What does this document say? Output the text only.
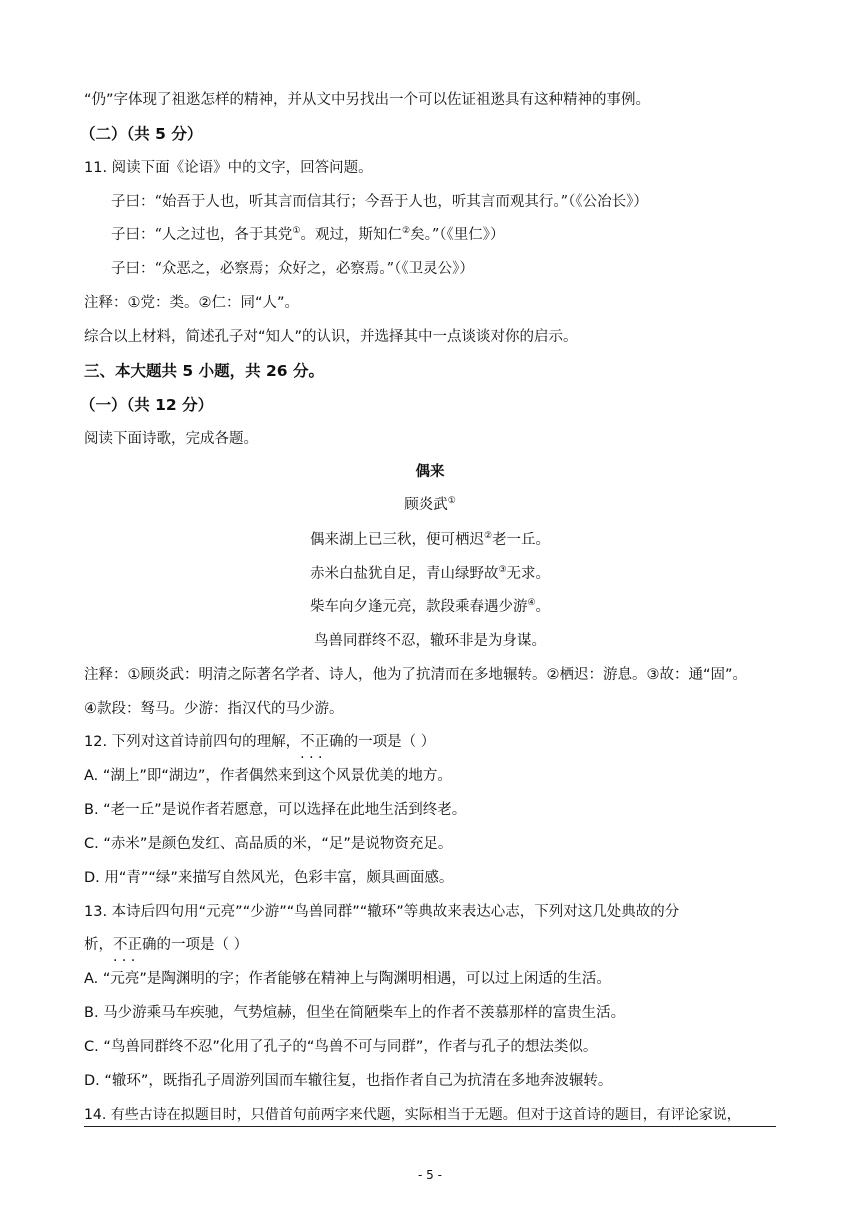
“仍”字体现了祖逖怎样的精神，并从文中另找出一个可以佐证祖逖具有这种精神的事例。
（二）（共 5 分）
11. 阅读下面《论语》中的文字，回答问题。
子曰：“始吾于人也，听其言而信其行；今吾于人也，听其言而观其行。”（《公冶长》）
子曰：“人之过也，各于其党①。观过，斯知仁②矣。”（《里仁》）
子曰：“众恶之，必察焉；众好之，必察焉。”（《卫灵公》）
注释：①党：类。②仁：同“人”。
综合以上材料，简述孔子对“知人”的认识，并选择其中一点谈谈对你的启示。
三、本大题共 5 小题，共 26 分。
（一）（共 12 分）
阅读下面诗歌，完成各题。
偶来
顾炎武①
偶来湖上已三秋，便可栖迟②老一丘。
赤米白盐犹自足，青山绿野故③无求。
柴车向夕逢元亮，款段乘春遇少游④。
鸟兽同群终不忍，辙环非是为身谋。
注释：①顾炎武：明清之际著名学者、诗人，他为了抗清而在多地辗转。②栖迟：游息。③故：通“固”。
④款段：驽马。少游：指汉代的马少游。
12. 下列对这首诗前四句的理解，不正确 · · ·的一项是（ ）
A. “湖上”即“湖边”，作者偶然来到这个风景优美的地方。
B. “老一丘”是说作者若愿意，可以选择在此地生活到终老。
C. “赤米”是颜色发红、高品质的米，“足”是说物资充足。
D. 用“青”“绿”来描写自然风光，色彩丰富，颇具画面感。
13. 本诗后四句用“元亮”“少游”“鸟兽同群”“辙环”等典故来表达心志，下列对这几处典故的分
析，不正确 · · ·的一项是（ ）
A. “元亮”是陶渊明的字；作者能够在精神上与陶渊明相遇，可以过上闲适的生活。
B. 马少游乘马车疾驰，气势煊赫，但坐在简陋柴车上的作者不羡慕那样的富贵生活。
C. “鸟兽同群终不忍”化用了孔子的“鸟兽不可与同群”，作者与孔子的想法类似。
D. “辙环”，既指孔子周游列国而车辙往复，也指作者自己为抗清在多地奔波辗转。
14. 有些古诗在拟题目时，只借首句前两字来代题，实际相当于无题。但对于这首诗的题目，有评论家说，
- 5 -
